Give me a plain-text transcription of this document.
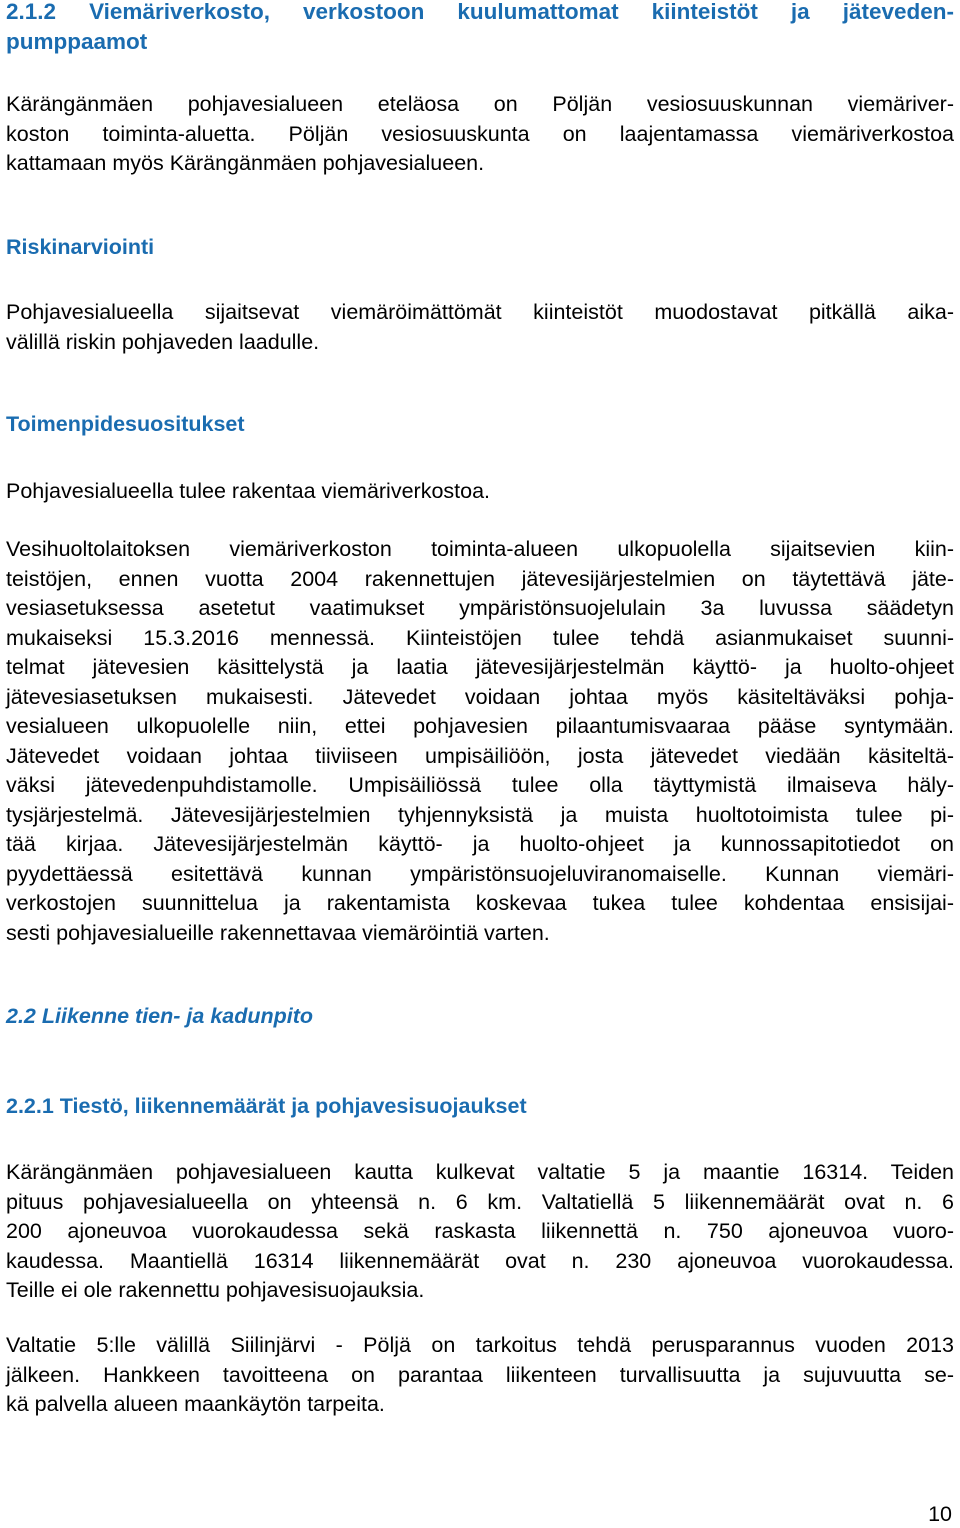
2.1.2 Viemäriverkosto, verkostoon kuulumattomat kiinteistöt ja jäteveden-
pumppaamot
Kärängänmäen pohjavesialueen eteläosa on Pöljän vesiosuuskunnan viemäriver-
koston toiminta-aluetta. Pöljän vesiosuuskunta on laajentamassa viemäriverkostoa
kattamaan myös Kärängänmäen pohjavesialueen.
Riskinarviointi
Pohjavesialueella sijaitsevat viemäröimättömät kiinteistöt muodostavat pitkällä aika-
välillä riskin pohjaveden laadulle.
Toimenpidesuositukset
Pohjavesialueella tulee rakentaa viemäriverkostoa.
Vesihuoltolaitoksen viemäriverkoston toiminta-alueen ulkopuolella sijaitsevien kiin-
teistöjen, ennen vuotta 2004 rakennettujen jätevesijärjestelmien on täytettävä jäte-
vesiasetuksessa asetetut vaatimukset ympäristönsuojelulain 3a luvussa säädetyn
mukaiseksi 15.3.2016 mennessä. Kiinteistöjen tulee tehdä asianmukaiset suunni-
telmat jätevesien käsittelystä ja laatia jätevesijärjestelmän käyttö- ja huolto-ohjeet
jätevesiasetuksen mukaisesti. Jätevedet voidaan johtaa myös käsiteltäväksi pohja-
vesialueen ulkopuolelle niin, ettei pohjavesien pilaantumisvaaraa pääse syntymään.
Jätevedet voidaan johtaa tiiviiseen umpisäiliöön, josta jätevedet viedään käsiteltä-
väksi jätevedenpuhdistamolle. Umpisäiliössä tulee olla täyttymistä ilmaiseva häly-
tysjärjestelmä. Jätevesijärjestelmien tyhjennyksistä ja muista huoltotoimista tulee pi-
tää kirjaa. Jätevesijärjestelmän käyttö- ja huolto-ohjeet ja kunnossapitotiedot on
pyydettäessä esitettävä kunnan ympäristönsuojeluviranomaiselle. Kunnan viemäri-
verkostojen suunnittelua ja rakentamista koskevaa tukea tulee kohdentaa ensisijai-
sesti pohjavesialueille rakennettavaa viemäröintiä varten.
2.2 Liikenne tien- ja kadunpito
2.2.1 Tiestö, liikennemäärät ja pohjavesisuojaukset
Kärängänmäen pohjavesialueen kautta kulkevat valtatie 5 ja maantie 16314. Teiden
pituus pohjavesialueella on yhteensä n. 6 km. Valtatiellä 5 liikennemäärät ovat n. 6
200 ajoneuvoa vuorokaudessa sekä raskasta liikennettä n. 750 ajoneuvoa vuoro-
kaudessa. Maantiellä 16314 liikennemäärät ovat n. 230 ajoneuvoa vuorokaudessa.
Teille ei ole rakennettu pohjavesisuojauksia.
Valtatie 5:lle välillä Siilinjärvi - Pöljä on tarkoitus tehdä perusparannus vuoden 2013
jälkeen. Hankkeen tavoitteena on parantaa liikenteen turvallisuutta ja sujuvuutta se-
kä palvella alueen maankäytön tarpeita.
10
